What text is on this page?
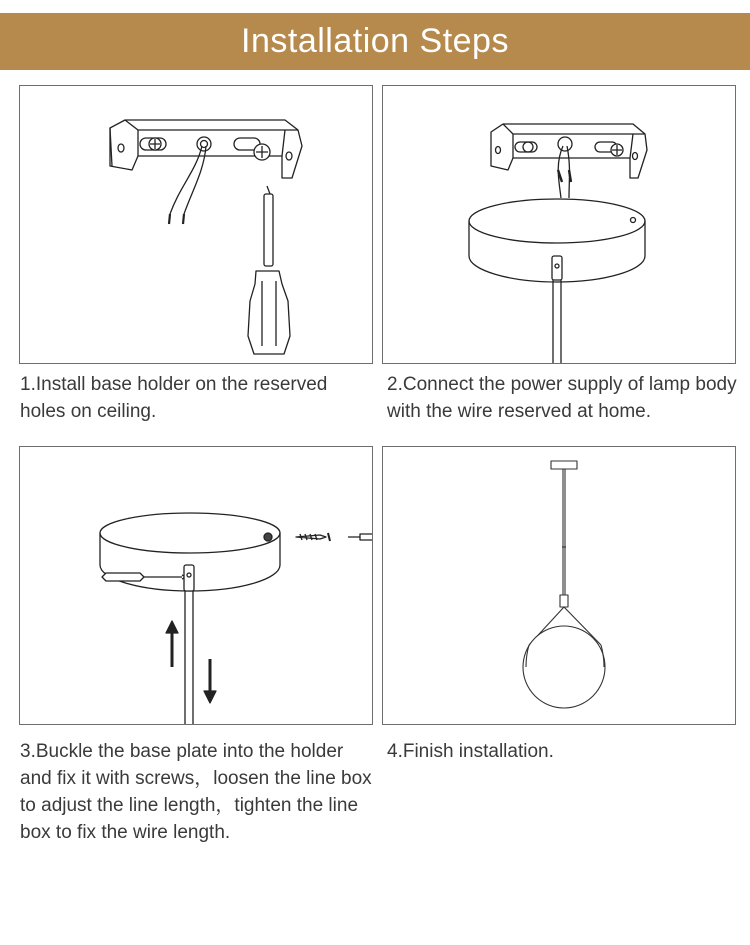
Installation Steps

1.Install base holder on the reserved holes on ceiling.

2.Connect the power supply of lamp body with the wire reserved at home.

3.Buckle the base plate into the holder and fix it with screws，loosen the line box to adjust the line length，tighten the line box to fix the wire length.

4.Finish installation.
